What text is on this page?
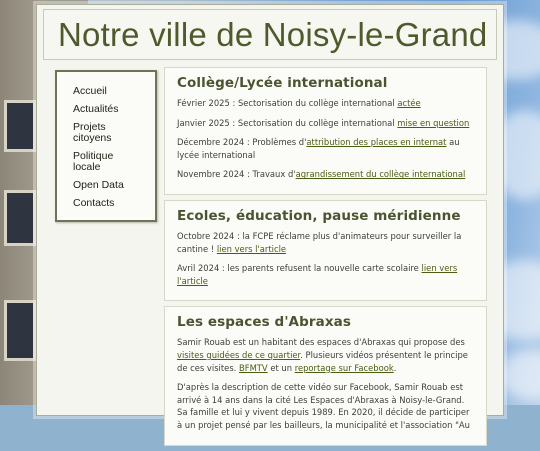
Notre ville de Noisy-le-Grand
Accueil
Actualités
Projets citoyens
Politique locale
Open Data
Contacts
Collège/Lycée international

Février 2025 : Sectorisation du collège international actée

Janvier 2025 : Sectorisation du collège international mise en question

Décembre 2024 : Problèmes d'attribution des places en internat au lycée international

Novembre 2024 : Travaux d'agrandissement du collège international

Ecoles, éducation, pause méridienne

Octobre 2024 : la FCPE réclame plus d'animateurs pour surveiller la cantine ! lien vers l'article

Avril 2024 : les parents refusent la nouvelle carte scolaire lien vers l'article

Les espaces d'Abraxas

Samir Rouab est un habitant des espaces d'Abraxas qui propose des visites guidées de ce quartier. Plusieurs vidéos présentent le principe de ces visites. BFMTV et un reportage sur Facebook.

D'après la description de cette vidéo sur Facebook, Samir Rouab est arrivé à 14 ans dans la cité Les Espaces d'Abraxas à Noisy-le-Grand. Sa famille et lui y vivent depuis 1989. En 2020, il décide de participer à un projet pensé par les bailleurs, la municipalité et l'association "Au
